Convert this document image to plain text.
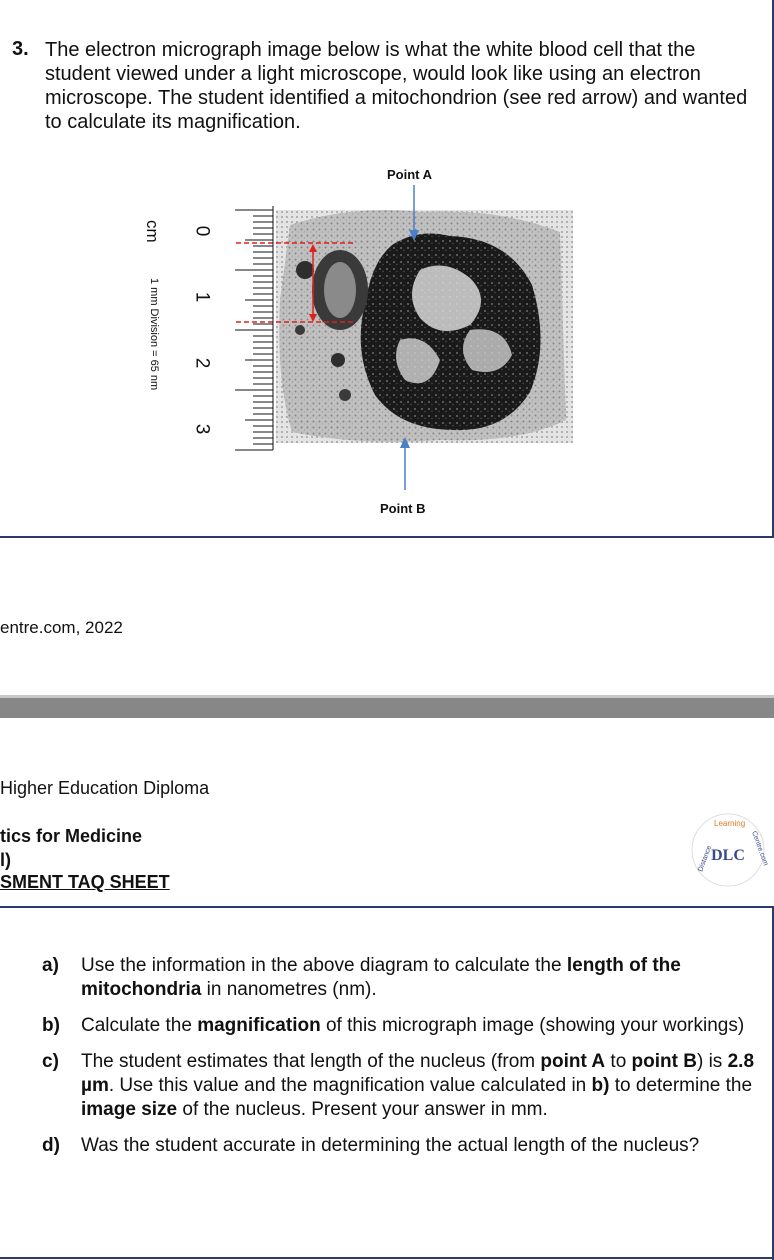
3. The electron micrograph image below is what the white blood cell that the student viewed under a light microscope, would look like using an electron microscope. The student identified a mitochondrion (see red arrow) and wanted to calculate its magnification.
Point A
Point B
cm
1 mm Division = 65 nm
0
1
2
3
entre.com, 2022
Higher Education Diploma
tics for Medicine
l)
SMENT TAQ SHEET
Distance
Learning
Centre.com
DLC
a)	Use the information in the above diagram to calculate the length of the mitochondria in nanometres (nm).
b)	Calculate the magnification of this micrograph image (showing your workings)
c)	The student estimates that length of the nucleus (from point A to point B) is 2.8 µm. Use this value and the magnification value calculated in b) to determine the image size of the nucleus. Present your answer in mm.
d)	Was the student accurate in determining the actual length of the nucleus?
